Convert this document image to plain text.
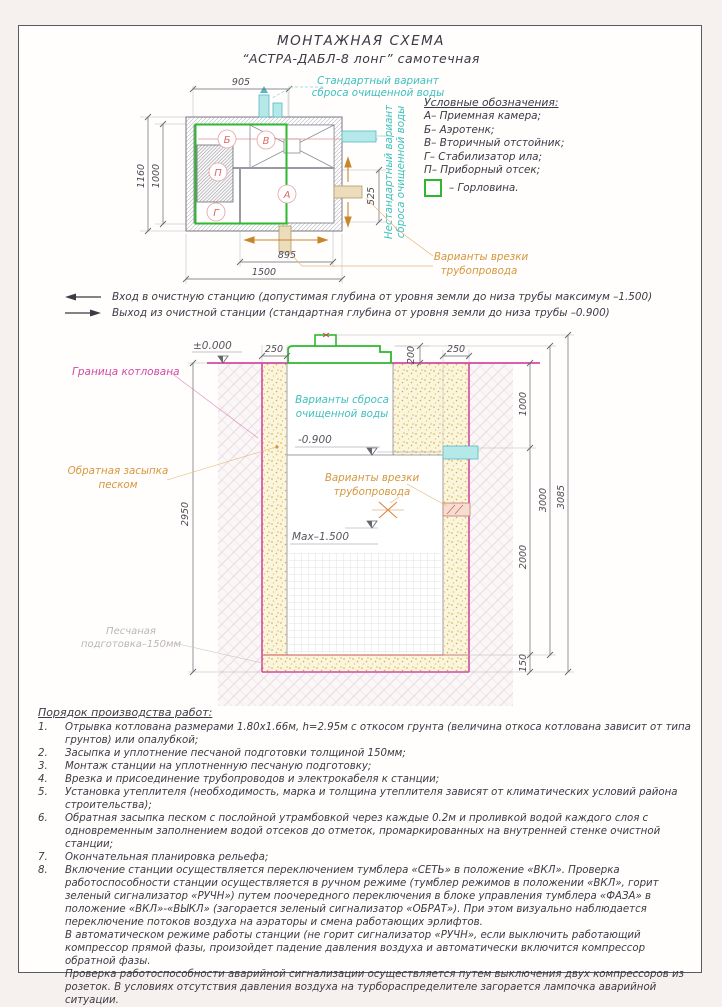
Б	В
П
А
Г
905
1160 1000
525
895
1500
Стандартный вариант
сброса очищенной воды
Нестандартный вариант сброса очищенной воды
Варианты врезки
трубопровода
250	200	250
2950
1000
2000
150
3000 3085
±0.000
-0.900
Max–1.500
Варианты сброса
очищенной воды
Варианты врезки
трубопровода
Граница котлована
Обратная засыпка
песком
Песчаная
подготовка–150мм
МОНТАЖНАЯ СХЕМА
“АСТРА-ДАБЛ-8 лонг” самотечная
Условные обозначения:
А– Приемная камера;
Б– Аэротенк;
В– Вторичный отстойник;
Г– Стабилизатор ила;
П– Приборный отсек;
– Горловина.
Вход в очистную станцию (допустимая глубина от уровня земли до низа трубы максимум –1.500)
Выход из очистной станции (стандартная глубина от уровня земли до низа трубы –0.900)
Порядок производства работ:
1.	Отрывка котлована размерами 1.80х1.66м, h=2.95м с откосом грунта (величина откоса котлована зависит от типа грунтов) или опалубкой;
2.	Засыпка и уплотнение песчаной подготовки толщиной 150мм;
3.	Монтаж станции на уплотненную песчаную подготовку;
4.	Врезка и присоединение трубопроводов и электрокабеля к станции;
5.	Установка утеплителя (необходимость, марка и толщина утеплителя зависят от климатических условий района строительства);
6.	Обратная засыпка песком с послойной утрамбовкой через каждые 0.2м и проливкой водой каждого слоя с одновременным заполнением водой отсеков до отметок, промаркированных на внутренней стенке очистной станции;
7.	Окончательная планировка рельефа;
8.	Включение станции осуществляется переключением тумблера «СЕТЬ» в положение «ВКЛ». Проверка работоспособности станции осуществляется в ручном режиме (тумблер режимов в положении «ВКЛ», горит зеленый сигнализатор «РУЧН») путем поочередного переключения в блоке управления тумблера «ФАЗА» в положение «ВКЛ»-«ВЫКЛ» (загорается зеленый сигнализатор «ОБРАТ»). При этом визуально наблюдается переключение потоков воздуха на аэраторы и смена работающих эрлифтов.
В автоматическом режиме работы станции (не горит сигнализатор «РУЧН», если выключить работающий компрессор прямой фазы, произойдет падение давления воздуха и автоматически включится компрессор обратной фазы.
Проверка работоспособности аварийной сигнализации осуществляется путем выключения двух компрессоров из розеток. В условиях отсутствия давления воздуха на турбораспределителе загорается лампочка аварийной ситуации.
